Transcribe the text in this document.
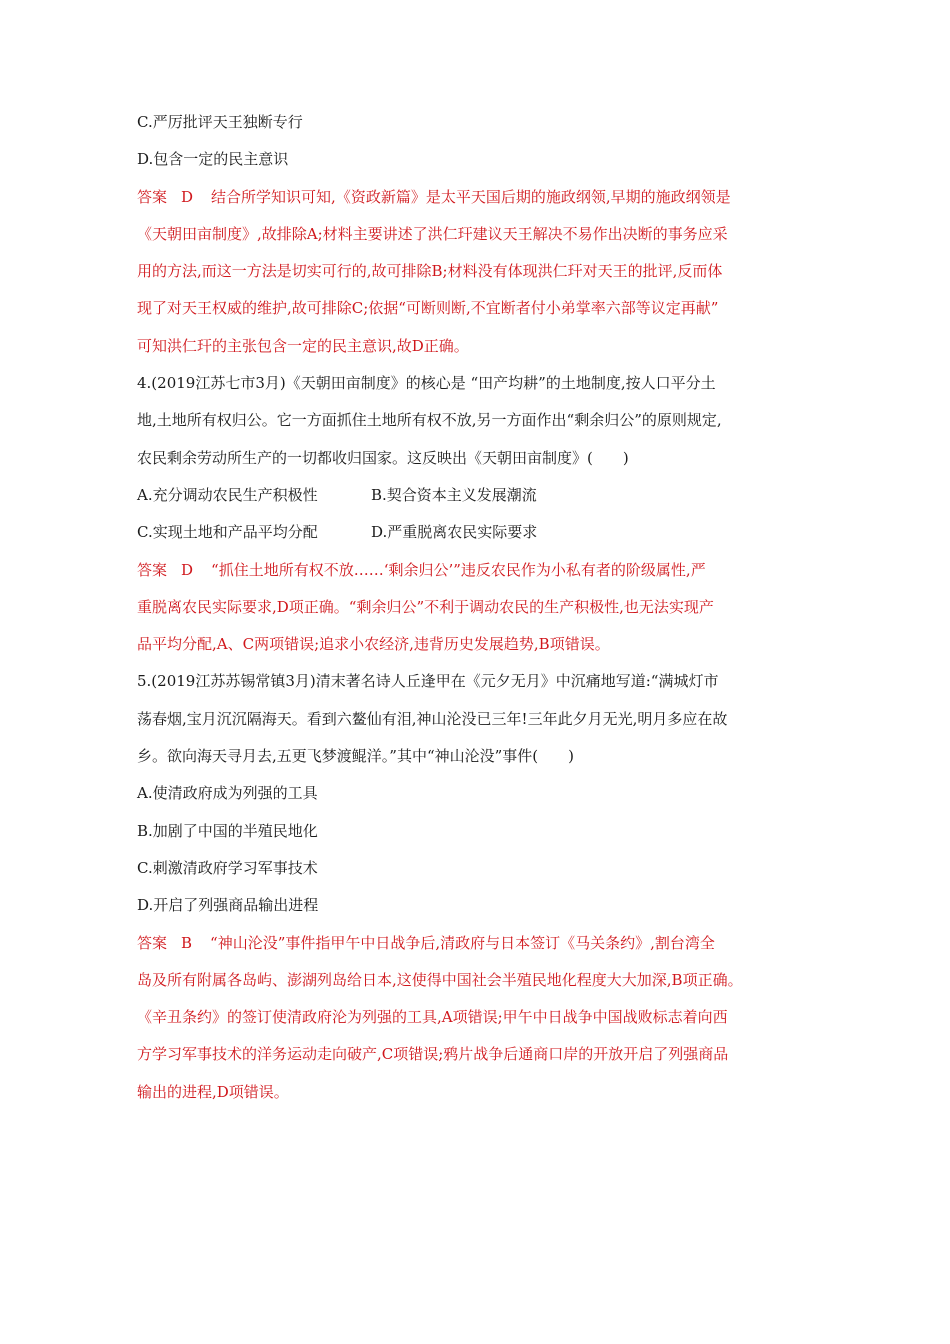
C.严厉批评天王独断专行
D.包含一定的民主意识
答案 D 结合所学知识可知,《资政新篇》是太平天国后期的施政纲领,早期的施政纲领是
《天朝田亩制度》,故排除A;材料主要讲述了洪仁玕建议天王解决不易作出决断的事务应采
用的方法,而这一方法是切实可行的,故可排除B;材料没有体现洪仁玕对天王的批评,反而体
现了对天王权威的维护,故可排除C;依据“可断则断,不宜断者付小弟掌率六部等议定再献”
可知洪仁玕的主张包含一定的民主意识,故D正确。
4.(2019江苏七市3月)《天朝田亩制度》的核心是 “田产均耕”的土地制度,按人口平分土
地,土地所有权归公。它一方面抓住土地所有权不放,另一方面作出“剩余归公”的原则规定,
农民剩余劳动所生产的一切都收归国家。这反映出《天朝田亩制度》(　　)
A.充分调动农民生产积极性	B.契合资本主义发展潮流
C.实现土地和产品平均分配	D.严重脱离农民实际要求
答案 D “抓住土地所有权不放……‘剩余归公’”违反农民作为小私有者的阶级属性,严
重脱离农民实际要求,D项正确。“剩余归公”不利于调动农民的生产积极性,也无法实现产
品平均分配,A、C两项错误;追求小农经济,违背历史发展趋势,B项错误。
5.(2019江苏苏锡常镇3月)清末著名诗人丘逢甲在《元夕无月》中沉痛地写道:“满城灯市
荡春烟,宝月沉沉隔海天。看到六鳌仙有泪,神山沦没已三年!三年此夕月无光,明月多应在故
乡。欲向海天寻月去,五更飞梦渡鲲洋。”其中“神山沦没”事件(　　)
A.使清政府成为列强的工具
B.加剧了中国的半殖民地化
C.刺激清政府学习军事技术
D.开启了列强商品输出进程
答案 B “神山沦没”事件指甲午中日战争后,清政府与日本签订《马关条约》,割台湾全
岛及所有附属各岛屿、澎湖列岛给日本,这使得中国社会半殖民地化程度大大加深,B项正确。
《辛丑条约》的签订使清政府沦为列强的工具,A项错误;甲午中日战争中国战败标志着向西
方学习军事技术的洋务运动走向破产,C项错误;鸦片战争后通商口岸的开放开启了列强商品
输出的进程,D项错误。
